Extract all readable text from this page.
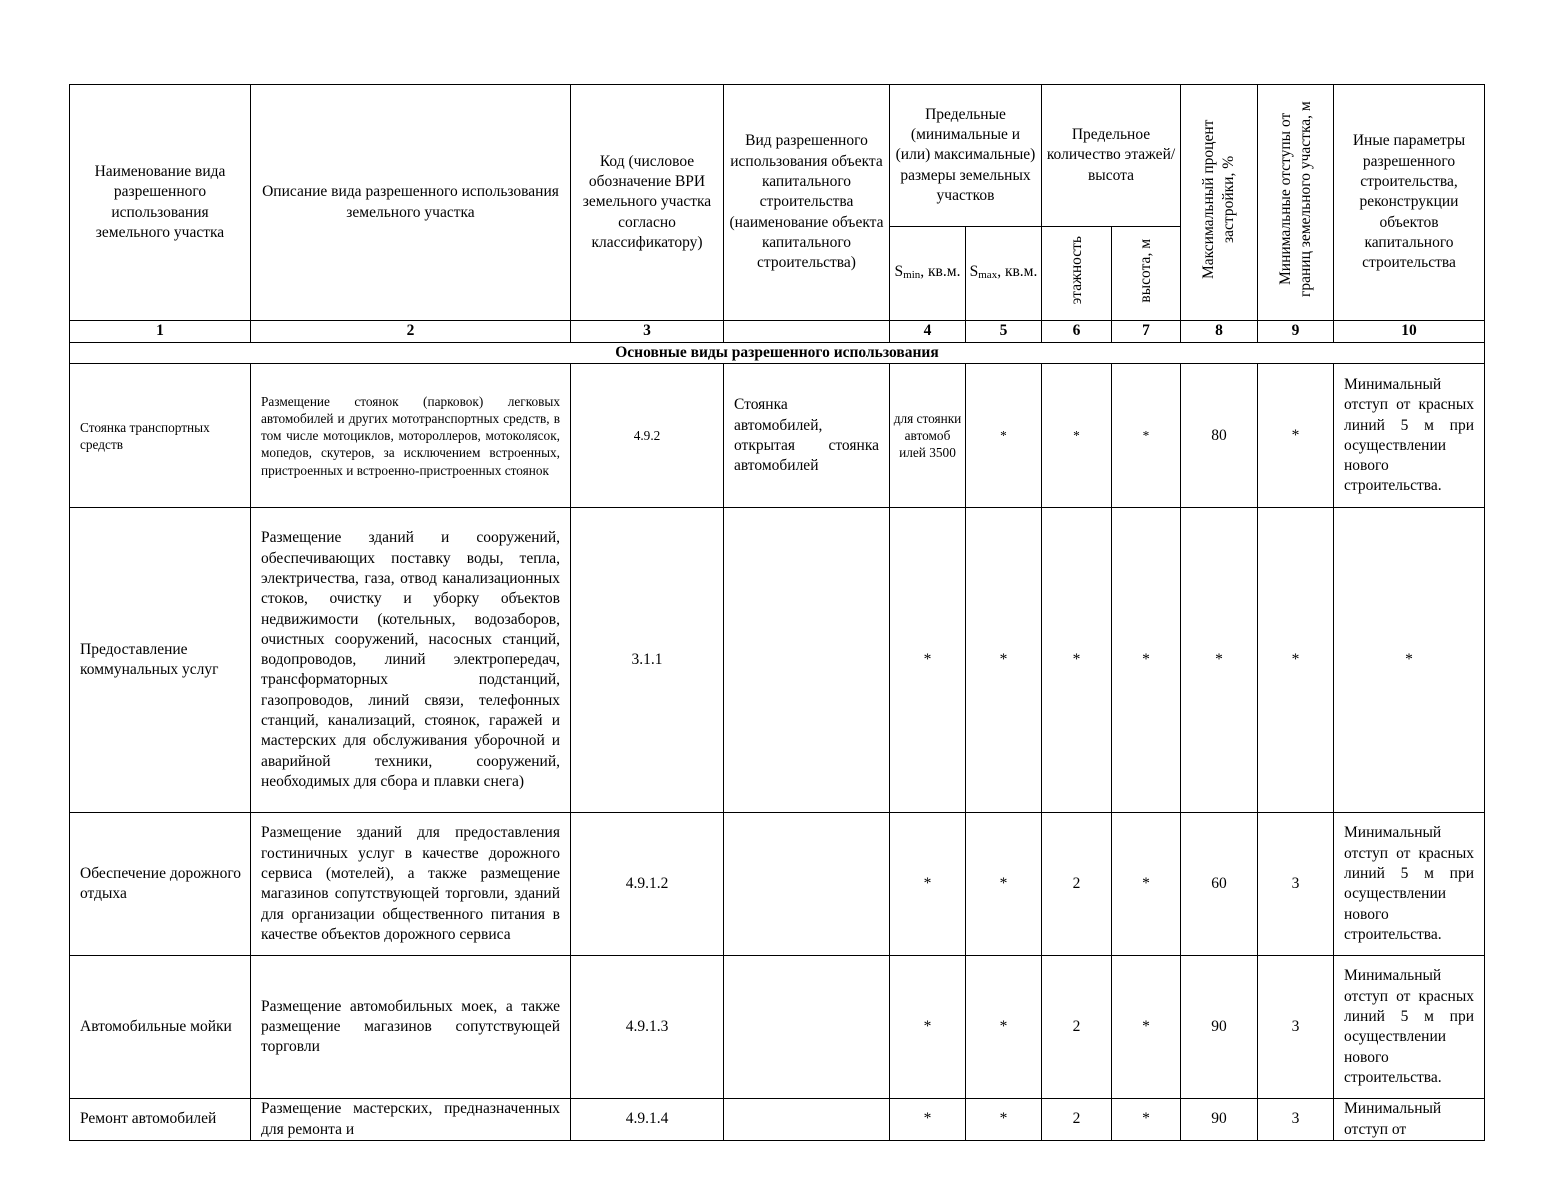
Наименование вида разрешенного использования земельного участка	Описание вида разрешенного использования земельного участка	Код (числовое обозначение ВРИ земельного участка согласно классификатору)	Вид разрешенного использования объекта капитального строительства (наименование объекта капитального строительства)	Предельные (минимальные и (или) максимальные) размеры земельных участков		Предельное количество этажей/высота		Максимальный процент застройки, %	Минимальные отступы от границ земельного участка, м	Иные параметры разрешенного строительства, реконструкции объектов капитального строительства
				$S_{min}$, кв.м.	$S_{max}$, кв.м.	этажность	высота, м			
1	2	3		4	5	6	7	8	9	10
Основные виды разрешенного использования										
Стоянка транспортных средств	Размещение стоянок (парковок) легковых автомобилей и других мототранспортных средств, в том числе мотоциклов, мотороллеров, мотоколясок, мопедов, скутеров, за исключением встроенных, пристроенных и встроенно-пристроенных стоянок	4.9.2	Стоянка автомобилей, открытая стоянка автомобилей	для стоянки автомоб илей 3500	*	*	*	80	*	Минимальный отступ от красных линий 5 м при осуществлении нового строительства.
Предоставление коммунальных услуг	Размещение зданий и сооружений, обеспечивающих поставку воды, тепла, электричества, газа, отвод канализационных стоков, очистку и уборку объектов недвижимости (котельных, водозаборов, очистных сооружений, насосных станций, водопроводов, линий электропередач, трансформаторных подстанций, газопроводов, линий связи, телефонных станций, канализаций, стоянок, гаражей и мастерских для обслуживания уборочной и аварийной техники, сооружений, необходимых для сбора и плавки снега)	3.1.1		*	*	*	*	*	*	*
Обеспечение дорожного отдыха	Размещение зданий для предоставления гостиничных услуг в качестве дорожного сервиса (мотелей), а также размещение магазинов сопутствующей торговли, зданий для организации общественного питания в качестве объектов дорожного сервиса	4.9.1.2		*	*	2	*	60	3	Минимальный отступ от красных линий 5 м при осуществлении нового строительства.
Автомобильные мойки	Размещение автомобильных моек, а также размещение магазинов сопутствующей торговли	4.9.1.3		*	*	2	*	90	3	Минимальный отступ от красных линий 5 м при осуществлении нового строительства.
Ремонт автомобилей	Размещение мастерских, предназначенных для ремонта и	4.9.1.4		*	*	2	*	90	3	Минимальный отступ от
